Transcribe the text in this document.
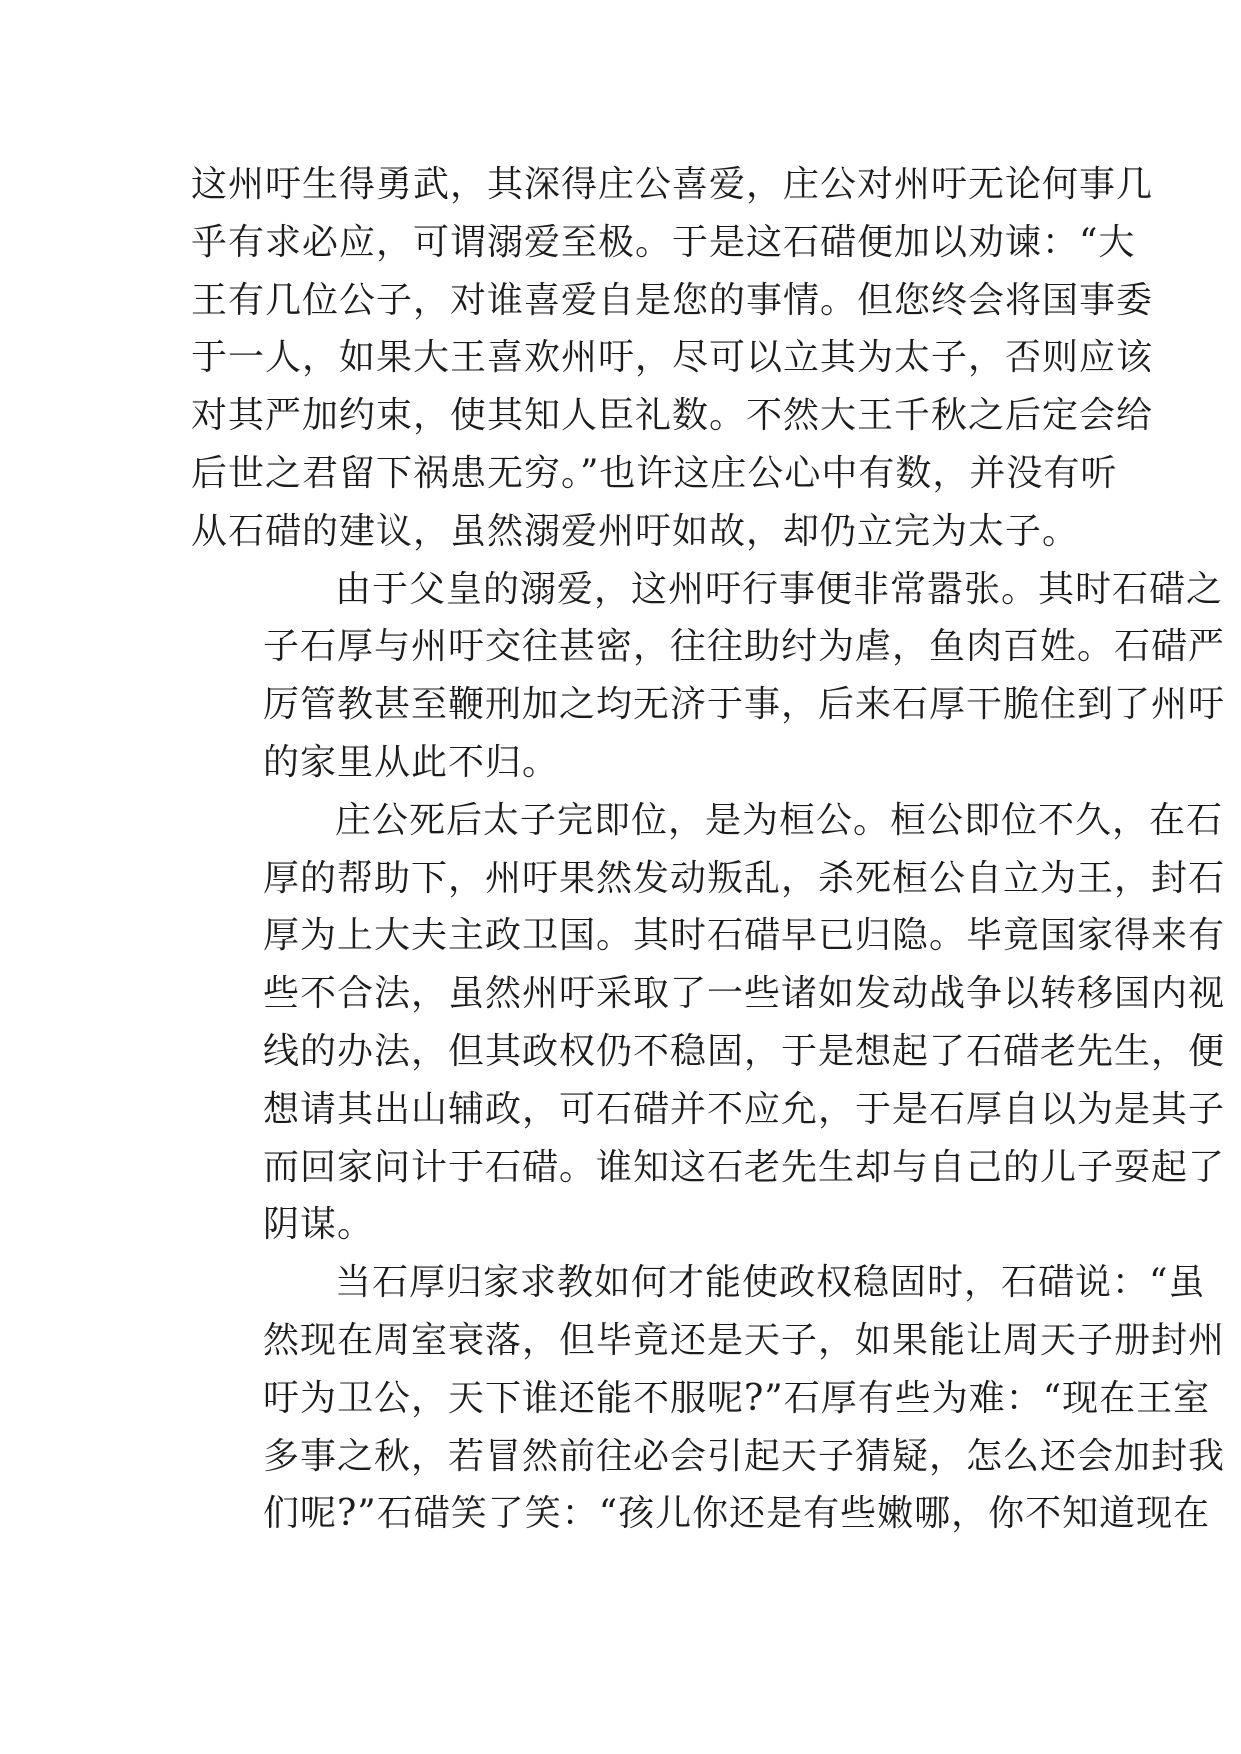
这州吁生得勇武，其深得庄公喜爱，庄公对州吁无论何事几
乎有求必应，可谓溺爱至极。于是这石碏便加以劝谏：“大
王有几位公子，对谁喜爱自是您的事情。但您终会将国事委
于一人，如果大王喜欢州吁，尽可以立其为太子，否则应该
对其严加约束，使其知人臣礼数。不然大王千秋之后定会给
后世之君留下祸患无穷。”也许这庄公心中有数，并没有听
从石碏的建议，虽然溺爱州吁如故，却仍立完为太子。
由于父皇的溺爱，这州吁行事便非常嚣张。其时石碏之
子石厚与州吁交往甚密，往往助纣为虐，鱼肉百姓。石碏严
厉管教甚至鞭刑加之均无济于事，后来石厚干脆住到了州吁
的家里从此不归。
庄公死后太子完即位，是为桓公。桓公即位不久，在石
厚的帮助下，州吁果然发动叛乱，杀死桓公自立为王，封石
厚为上大夫主政卫国。其时石碏早已归隐。毕竟国家得来有
些不合法，虽然州吁采取了一些诸如发动战争以转移国内视
线的办法，但其政权仍不稳固，于是想起了石碏老先生，便
想请其出山辅政，可石碏并不应允，于是石厚自以为是其子
而回家问计于石碏。谁知这石老先生却与自己的儿子耍起了
阴谋。
当石厚归家求教如何才能使政权稳固时，石碏说：“虽
然现在周室衰落，但毕竟还是天子，如果能让周天子册封州
吁为卫公，天下谁还能不服呢?”石厚有些为难：“现在王室
多事之秋，若冒然前往必会引起天子猜疑，怎么还会加封我
们呢?”石碏笑了笑：“孩儿你还是有些嫩哪，你不知道现在
